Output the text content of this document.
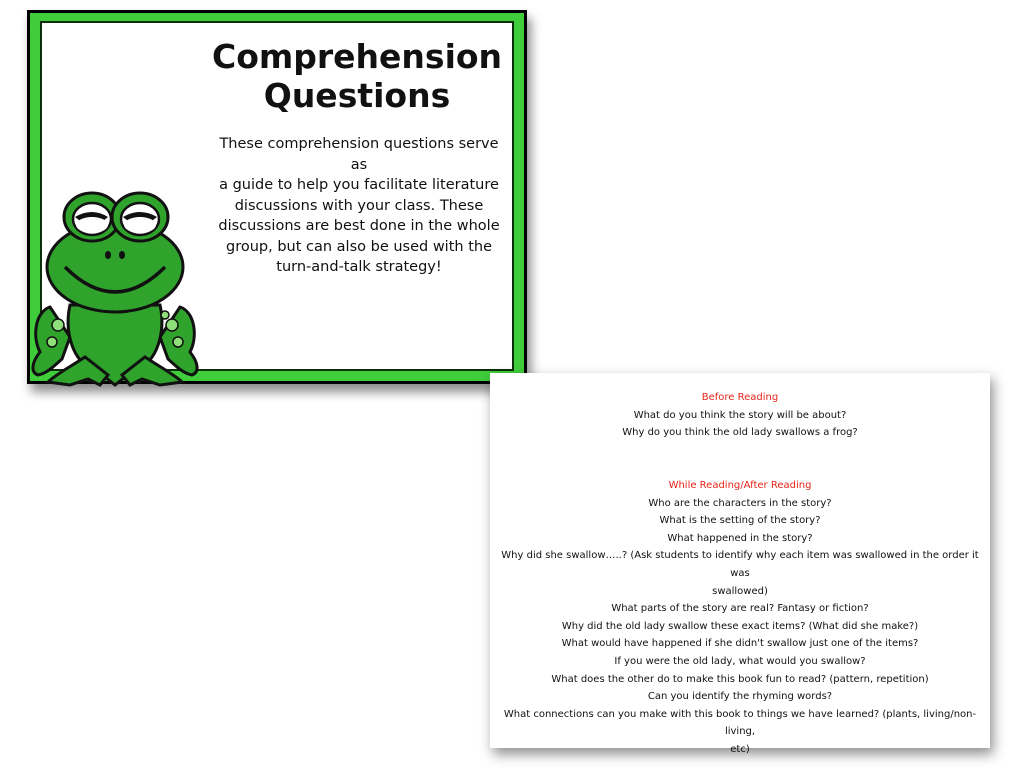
Comprehension
Questions

These comprehension questions serve as
a guide to help you facilitate literature
discussions with your class. These
discussions are best done in the whole
group, but can also be used with the
turn-and-talk strategy!

Before Reading
What do you think the story will be about?
Why do you think the old lady swallows a frog?
While Reading/After Reading
Who are the characters in the story?
What is the setting of the story?
What happened in the story?
Why did she swallow…..? (Ask students to identify why each item was swallowed in the order it was
swallowed)
What parts of the story are real? Fantasy or fiction?
Why did the old lady swallow these exact items? (What did she make?)
What would have happened if she didn't swallow just one of the items?
If you were the old lady, what would you swallow?
What does the other do to make this book fun to read? (pattern, repetition)
Can you identify the rhyming words?
What connections can you make with this book to things we have learned? (plants, living/non-living,
etc)
